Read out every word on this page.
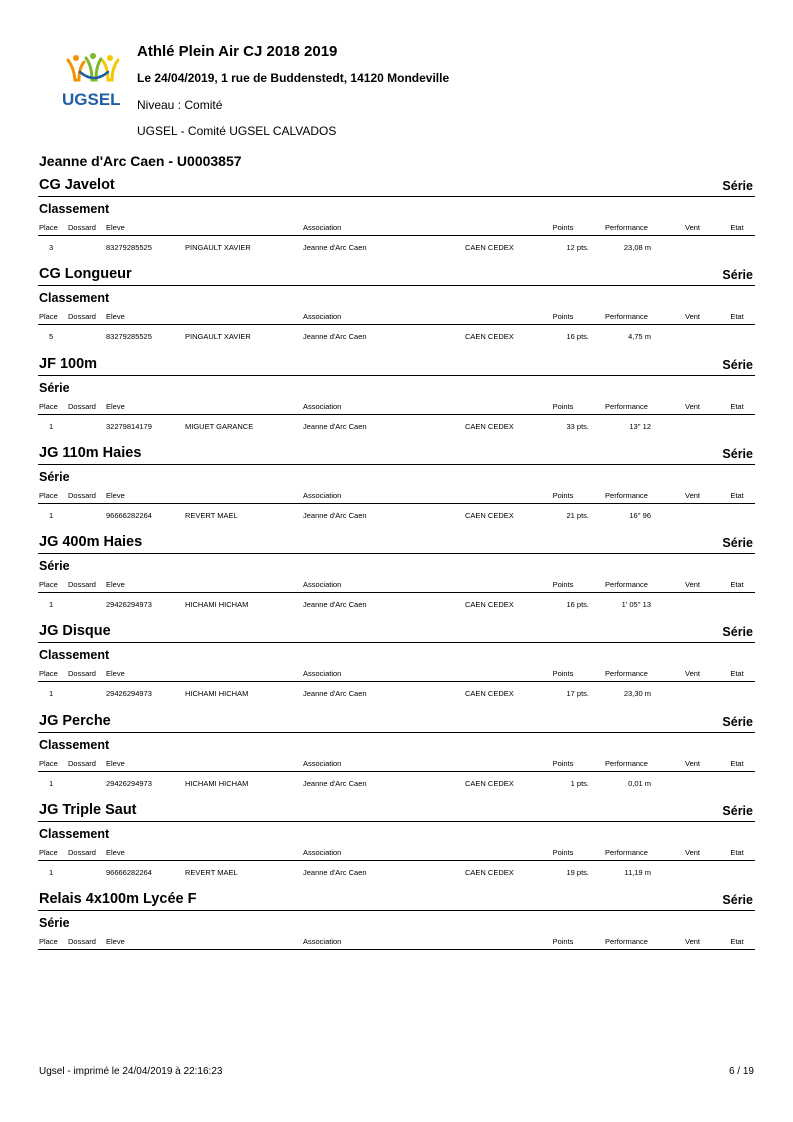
UGSEL
Athlé Plein Air CJ 2018 2019
Le 24/04/2019, 1 rue de Buddenstedt, 14120 Mondeville
Niveau : Comité
UGSEL - Comité UGSEL CALVADOS
Jeanne d'Arc Caen - U0003857
CG Javelot	Série
Classement
Place Dossard Eleve	Association	Points	Performance	Vent	Etat
3	83279285525	PINGAULT XAVIER	Jeanne d'Arc Caen	CAEN CEDEX	12 pts.	23,08 m
CG Longueur	Série
Classement
Place Dossard Eleve	Association	Points	Performance	Vent	Etat
5	83279285525	PINGAULT XAVIER	Jeanne d'Arc Caen	CAEN CEDEX	16 pts.	4,75 m
JF 100m	Série
Série
Place Dossard Eleve	Association	Points	Performance	Vent	Etat
1	32279814179	MIGUET GARANCE	Jeanne d'Arc Caen	CAEN CEDEX	33 pts.	13'' 12
JG 110m Haies	Série
Série
Place Dossard Eleve	Association	Points	Performance	Vent	Etat
1	96666282264	REVERT MAEL	Jeanne d'Arc Caen	CAEN CEDEX	21 pts.	16'' 96
JG 400m Haies	Série
Série
Place Dossard Eleve	Association	Points	Performance	Vent	Etat
1	29426294973	HICHAMI HICHAM	Jeanne d'Arc Caen	CAEN CEDEX	16 pts.	1' 05'' 13
JG Disque	Série
Classement
Place Dossard Eleve	Association	Points	Performance	Vent	Etat
1	29426294973	HICHAMI HICHAM	Jeanne d'Arc Caen	CAEN CEDEX	17 pts.	23,30 m
JG Perche	Série
Classement
Place Dossard Eleve	Association	Points	Performance	Vent	Etat
1	29426294973	HICHAMI HICHAM	Jeanne d'Arc Caen	CAEN CEDEX	1 pts.	0,01 m
JG Triple Saut	Série
Classement
Place Dossard Eleve	Association	Points	Performance	Vent	Etat
1	96666282264	REVERT MAEL	Jeanne d'Arc Caen	CAEN CEDEX	19 pts.	11,19 m
Relais 4x100m Lycée F	Série
Série
Place Dossard Eleve	Association	Points	Performance	Vent	Etat
Ugsel - imprimé le 24/04/2019 à 22:16:23	6 / 19
